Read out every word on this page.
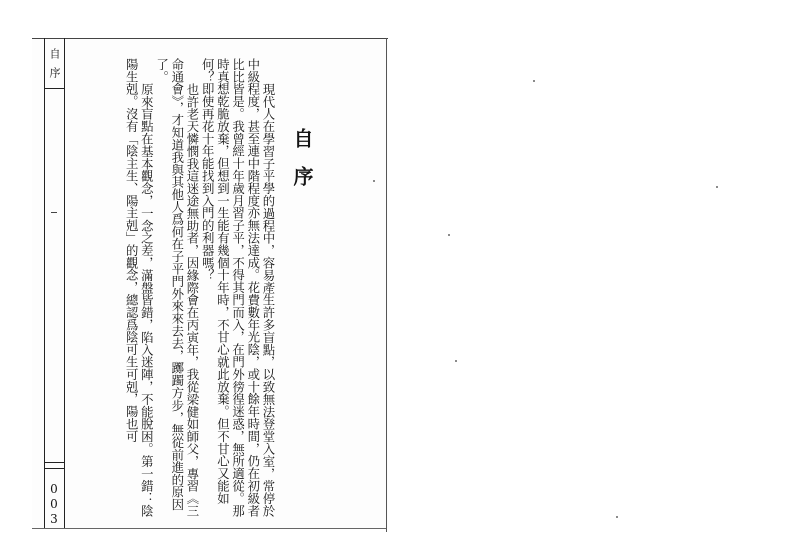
自序
003
自序

現代人在學習子平學的過程中，容易產生許多盲點，以致無法登堂入室，常停於中級程度，甚至連中階程度亦無法達成。花費數年光陰，或十餘年時間，仍在初級者比比皆是。我曾經十年歲月習子平，不得其門而入，在門外徬徨迷惑，無所適從。那時真想乾脆放棄，但想到一生能有幾個十年時，不甘心就此放棄。但不甘心又能如何？即使再花十年能找到入門的利器嗎？

也許老天憐憫我這迷途無助者，因緣際會在丙寅年，我從梁健如師父，專習《三命通會》，才知道我與其他人爲何在子平門外來來去去，躑躅方步，無從前進的原因了。

原來盲點在基本觀念，一念之差，滿盤皆錯，陷入迷陣，不能脫困。第一錯：陰陽生剋。沒有「陰主生、陽主剋」的觀念，總認爲陰可生可剋，陽也可
